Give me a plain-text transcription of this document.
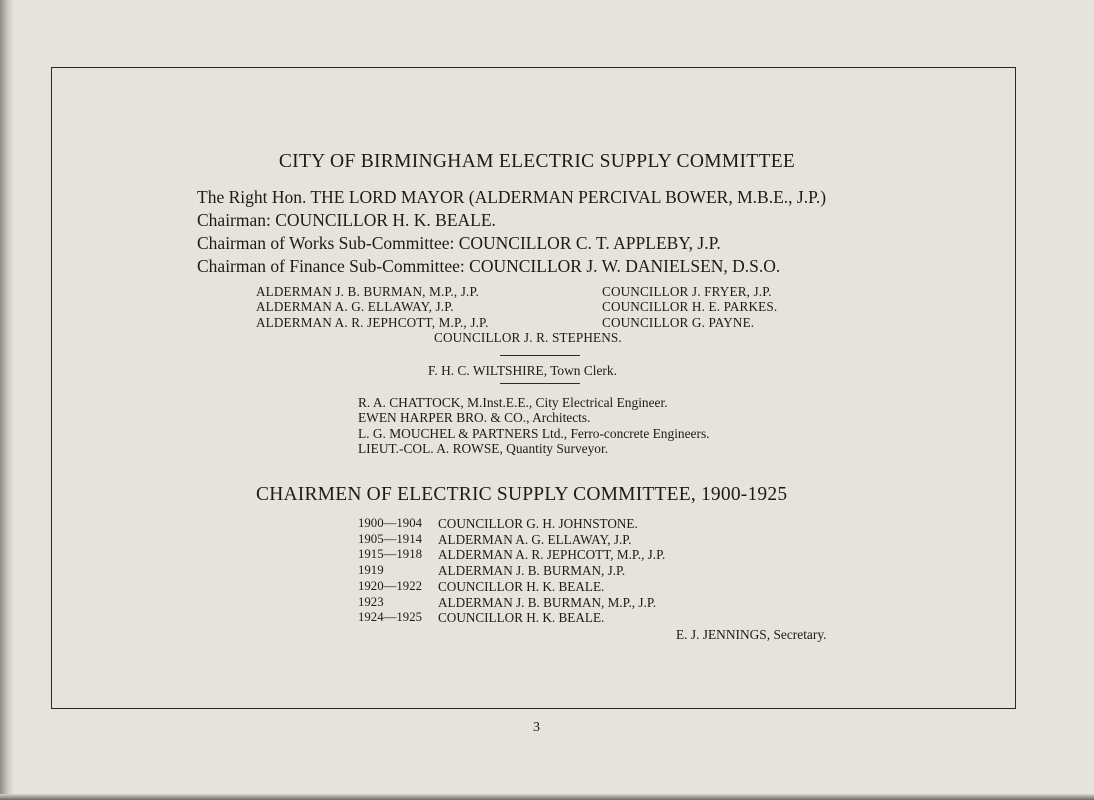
CITY OF BIRMINGHAM ELECTRIC SUPPLY COMMITTEE
The Right Hon. THE LORD MAYOR (ALDERMAN PERCIVAL BOWER, M.B.E., J.P.)
Chairman: COUNCILLOR H. K. BEALE.
Chairman of Works Sub-Committee: COUNCILLOR C. T. APPLEBY, J.P.
Chairman of Finance Sub-Committee: COUNCILLOR J. W. DANIELSEN, D.S.O.
ALDERMAN J. B. BURMAN, M.P., J.P.
ALDERMAN A. G. ELLAWAY, J.P.
ALDERMAN A. R. JEPHCOTT, M.P., J.P.
COUNCILLOR J. FRYER, J.P.
COUNCILLOR H. E. PARKES.
COUNCILLOR G. PAYNE.
COUNCILLOR J. R. STEPHENS.
F. H. C. WILTSHIRE, Town Clerk.
R. A. CHATTOCK, M.Inst.E.E., City Electrical Engineer.
EWEN HARPER BRO. & CO., Architects.
L. G. MOUCHEL & PARTNERS Ltd., Ferro-concrete Engineers.
LIEUT.-COL. A. ROWSE, Quantity Surveyor.
CHAIRMEN OF ELECTRIC SUPPLY COMMITTEE, 1900-1925
1900—1904 COUNCILLOR G. H. JOHNSTONE.
1905—1914 ALDERMAN A. G. ELLAWAY, J.P.
1915—1918 ALDERMAN A. R. JEPHCOTT, M.P., J.P.
1919	ALDERMAN J. B. BURMAN, J.P.
1920—1922 COUNCILLOR H. K. BEALE.
1923	ALDERMAN J. B. BURMAN, M.P., J.P.
1924—1925 COUNCILLOR H. K. BEALE.
E. J. JENNINGS, Secretary.
3
